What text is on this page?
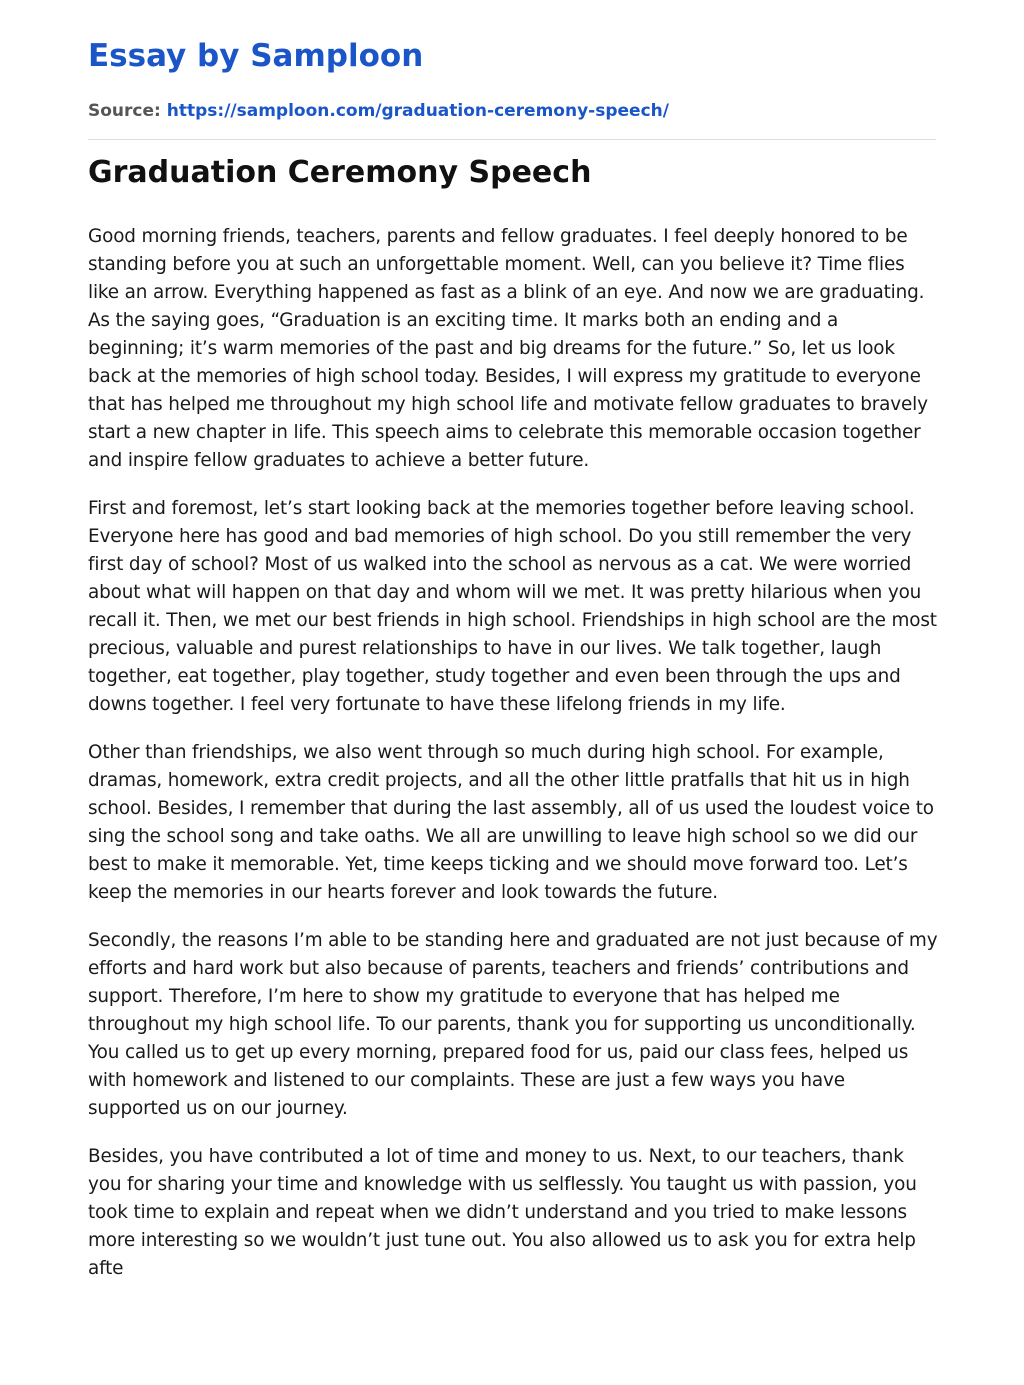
Essay by Samploon
Source: https://samploon.com/graduation-ceremony-speech/
Graduation Ceremony Speech

Good morning friends, teachers, parents and fellow graduates. I feel deeply honored to be standing before you at such an unforgettable moment. Well, can you believe it? Time flies like an arrow. Everything happened as fast as a blink of an eye. And now we are graduating. As the saying goes, “Graduation is an exciting time. It marks both an ending and a beginning; it’s warm memories of the past and big dreams for the future.” So, let us look back at the memories of high school today. Besides, I will express my gratitude to everyone that has helped me throughout my high school life and motivate fellow graduates to bravely start a new chapter in life. This speech aims to celebrate this memorable occasion together and inspire fellow graduates to achieve a better future.

First and foremost, let’s start looking back at the memories together before leaving school. Everyone here has good and bad memories of high school. Do you still remember the very first day of school? Most of us walked into the school as nervous as a cat. We were worried about what will happen on that day and whom will we met. It was pretty hilarious when you recall it. Then, we met our best friends in high school. Friendships in high school are the most precious, valuable and purest relationships to have in our lives. We talk together, laugh together, eat together, play together, study together and even been through the ups and downs together. I feel very fortunate to have these lifelong friends in my life.

Other than friendships, we also went through so much during high school. For example, dramas, homework, extra credit projects, and all the other little pratfalls that hit us in high school. Besides, I remember that during the last assembly, all of us used the loudest voice to sing the school song and take oaths. We all are unwilling to leave high school so we did our best to make it memorable. Yet, time keeps ticking and we should move forward too. Let’s keep the memories in our hearts forever and look towards the future.

Secondly, the reasons I’m able to be standing here and graduated are not just because of my efforts and hard work but also because of parents, teachers and friends’ contributions and support. Therefore, I’m here to show my gratitude to everyone that has helped me throughout my high school life. To our parents, thank you for supporting us unconditionally. You called us to get up every morning, prepared food for us, paid our class fees, helped us with homework and listened to our complaints. These are just a few ways you have supported us on our journey.

Besides, you have contributed a lot of time and money to us. Next, to our teachers, thank you for sharing your time and knowledge with us selflessly. You taught us with passion, you took time to explain and repeat when we didn’t understand and you tried to make lessons more interesting so we wouldn’t just tune out. You also allowed us to ask you for extra help afte
